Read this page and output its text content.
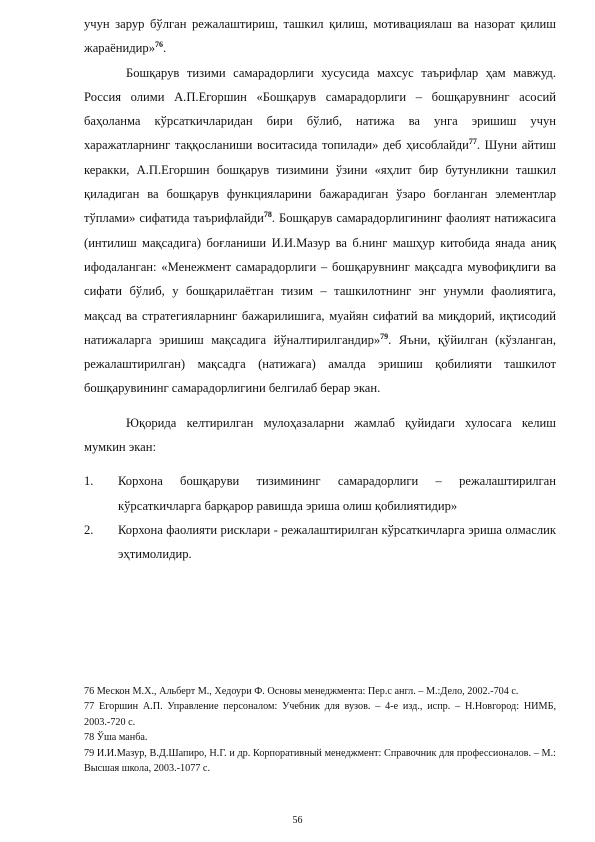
учун зарур бўлган режалаштириш, ташкил қилиш, мотивациялаш ва назорат қилиш жараёнидир»$^{76}$.

Бошқарув тизими самарадорлиги хусусида махсус таърифлар ҳам мавжуд. Россия олими А.П.Егоршин «Бошқарув самарадорлиги – бошқарувнинг асосий баҳоланма кўрсаткичларидан бири бўлиб, натижа ва унга эришиш учун харажатларнинг таққосланиши воситасида топилади» деб ҳисоблайди$^{77}$. Шуни айтиш керакки, А.П.Егоршин бошқарув тизимини ўзини «яҳлит бир бутунликни ташкил қиладиган ва бошқарув функцияларини бажарадиган ўзаро боғланган элементлар тўплами» сифатида таърифлайди$^{78}$. Бошқарув самарадорлигининг фаолият натижасига (интилиш мақсадига) боғланиши И.И.Мазур ва б.нинг машҳур китобида янада аниқ ифодаланган: «Менежмент самарадорлиги – бошқарувнинг мақсадга мувофиқлиги ва сифати бўлиб, у бошқарилаётган тизим – ташкилотнинг энг унумли фаолиятига, мақсад ва стратегияларнинг бажарилишига, муайян сифатий ва миқдорий, иқтисодий натижаларга эришиш мақсадига йўналтирилгандир»$^{79}$. Яъни, қўйилган (кўзланган, режалаштирилган) мақсадга (натижага) амалда эришиш қобилияти ташкилот бошқарувининг самарадорлигини белгилаб берар экан.

Юқорида келтирилган мулоҳазаларни жамлаб қуйидаги хулосага келиш мумкин экан:

1.	Корхона бошқаруви тизимининг самарадорлиги – режалаштирилган кўрсаткичларга барқарор равишда эриша олиш қобилиятидир»
2.	Корхона фаолияти рисклари - режалаштирилган кўрсаткичларга эриша олмаслик эҳтимолидир.

76 Мескон М.Х., Альберт М., Хедоури Ф. Основы менеджмента: Пер.с англ. – М.:Дело, 2002.-704 с.

77 Егоршин А.П. Управление персоналом: Учебник для вузов. – 4-е изд., испр. – Н.Новгород: НИМБ, 2003.-720 с.

78 Ўша манба.

79 И.И.Мазур, В.Д.Шапиро, Н.Г. и др. Корпоративный менеджмент: Справочник для профессионалов. – М.: Высшая школа, 2003.-1077 с.

56
